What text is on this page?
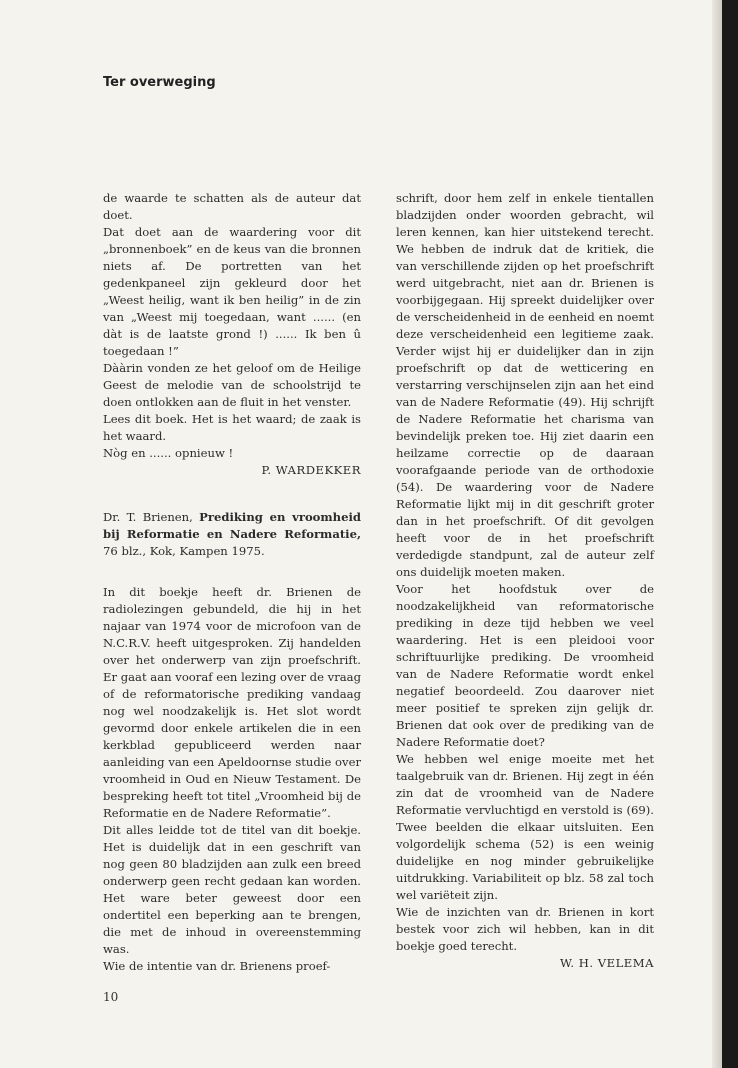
Ter overweging

de waarde te schatten als de auteur dat doet.

Dat doet aan de waardering voor dit „bronnenboek” en de keus van die bronnen niets af. De portretten van het gedenkpaneel zijn gekleurd door het „Weest heilig, want ik ben heilig” in de zin van „Weest mij toegedaan, want ...... (en dàt is de laatste grond !) ...... Ik ben û toegedaan !”

Dààrin vonden ze het geloof om de Heilige Geest de melodie van de schoolstrijd te doen ontlokken aan de fluit in het venster.

Lees dit boek. Het is het waard; de zaak is het waard.

Nòg en ...... opnieuw !

P. WARDEKKER

Dr. T. Brienen, Prediking en vroomheid bij Reformatie en Nadere Reformatie, 76 blz., Kok, Kampen 1975.

In dit boekje heeft dr. Brienen de radiolezingen gebundeld, die hij in het najaar van 1974 voor de microfoon van de N.C.R.V. heeft uitgesproken. Zij handelden over het onderwerp van zijn proefschrift. Er gaat aan vooraf een lezing over de vraag of de reformatorische prediking vandaag nog wel noodzakelijk is. Het slot wordt gevormd door enkele artikelen die in een kerkblad gepubliceerd werden naar aanleiding van een Apeldoornse studie over vroomheid in Oud en Nieuw Testament. De bespreking heeft tot titel „Vroomheid bij de Reformatie en de Nadere Reformatie”.

Dit alles leidde tot de titel van dit boekje. Het is duidelijk dat in een geschrift van nog geen 80 bladzijden aan zulk een breed onderwerp geen recht gedaan kan worden. Het ware beter geweest door een ondertitel een beperking aan te brengen, die met de inhoud in overeenstemming was.

Wie de intentie van dr. Brienens proef-

schrift, door hem zelf in enkele tientallen bladzijden onder woorden gebracht, wil leren kennen, kan hier uitstekend terecht. We hebben de indruk dat de kritiek, die van verschillende zijden op het proefschrift werd uitgebracht, niet aan dr. Brienen is voorbijgegaan. Hij spreekt duidelijker over de verscheidenheid in de eenheid en noemt deze verscheidenheid een legitieme zaak. Verder wijst hij er duidelijker dan in zijn proefschrift op dat de wetticering en verstarring verschijnselen zijn aan het eind van de Nadere Reformatie (49). Hij schrijft de Nadere Reformatie het charisma van bevindelijk preken toe. Hij ziet daarin een heilzame correctie op de daaraan voorafgaande periode van de orthodoxie (54). De waardering voor de Nadere Reformatie lijkt mij in dit geschrift groter dan in het proefschrift. Of dit gevolgen heeft voor de in het proefschrift verdedigde standpunt, zal de auteur zelf ons duidelijk moeten maken.

Voor het hoofdstuk over de noodzakelijkheid van reformatorische prediking in deze tijd hebben we veel waardering. Het is een pleidooi voor schriftuurlijke prediking. De vroomheid van de Nadere Reformatie wordt enkel negatief beoordeeld. Zou daarover niet meer positief te spreken zijn gelijk dr. Brienen dat ook over de prediking van de Nadere Reformatie doet?

We hebben wel enige moeite met het taalgebruik van dr. Brienen. Hij zegt in één zin dat de vroomheid van de Nadere Reformatie vervluchtigd en verstold is (69). Twee beelden die elkaar uitsluiten. Een volgordelijk schema (52) is een weinig duidelijke en nog minder gebruikelijke uitdrukking. Variabiliteit op blz. 58 zal toch wel variëteit zijn.

Wie de inzichten van dr. Brienen in kort bestek voor zich wil hebben, kan in dit boekje goed terecht.

W. H. VELEMA

10
